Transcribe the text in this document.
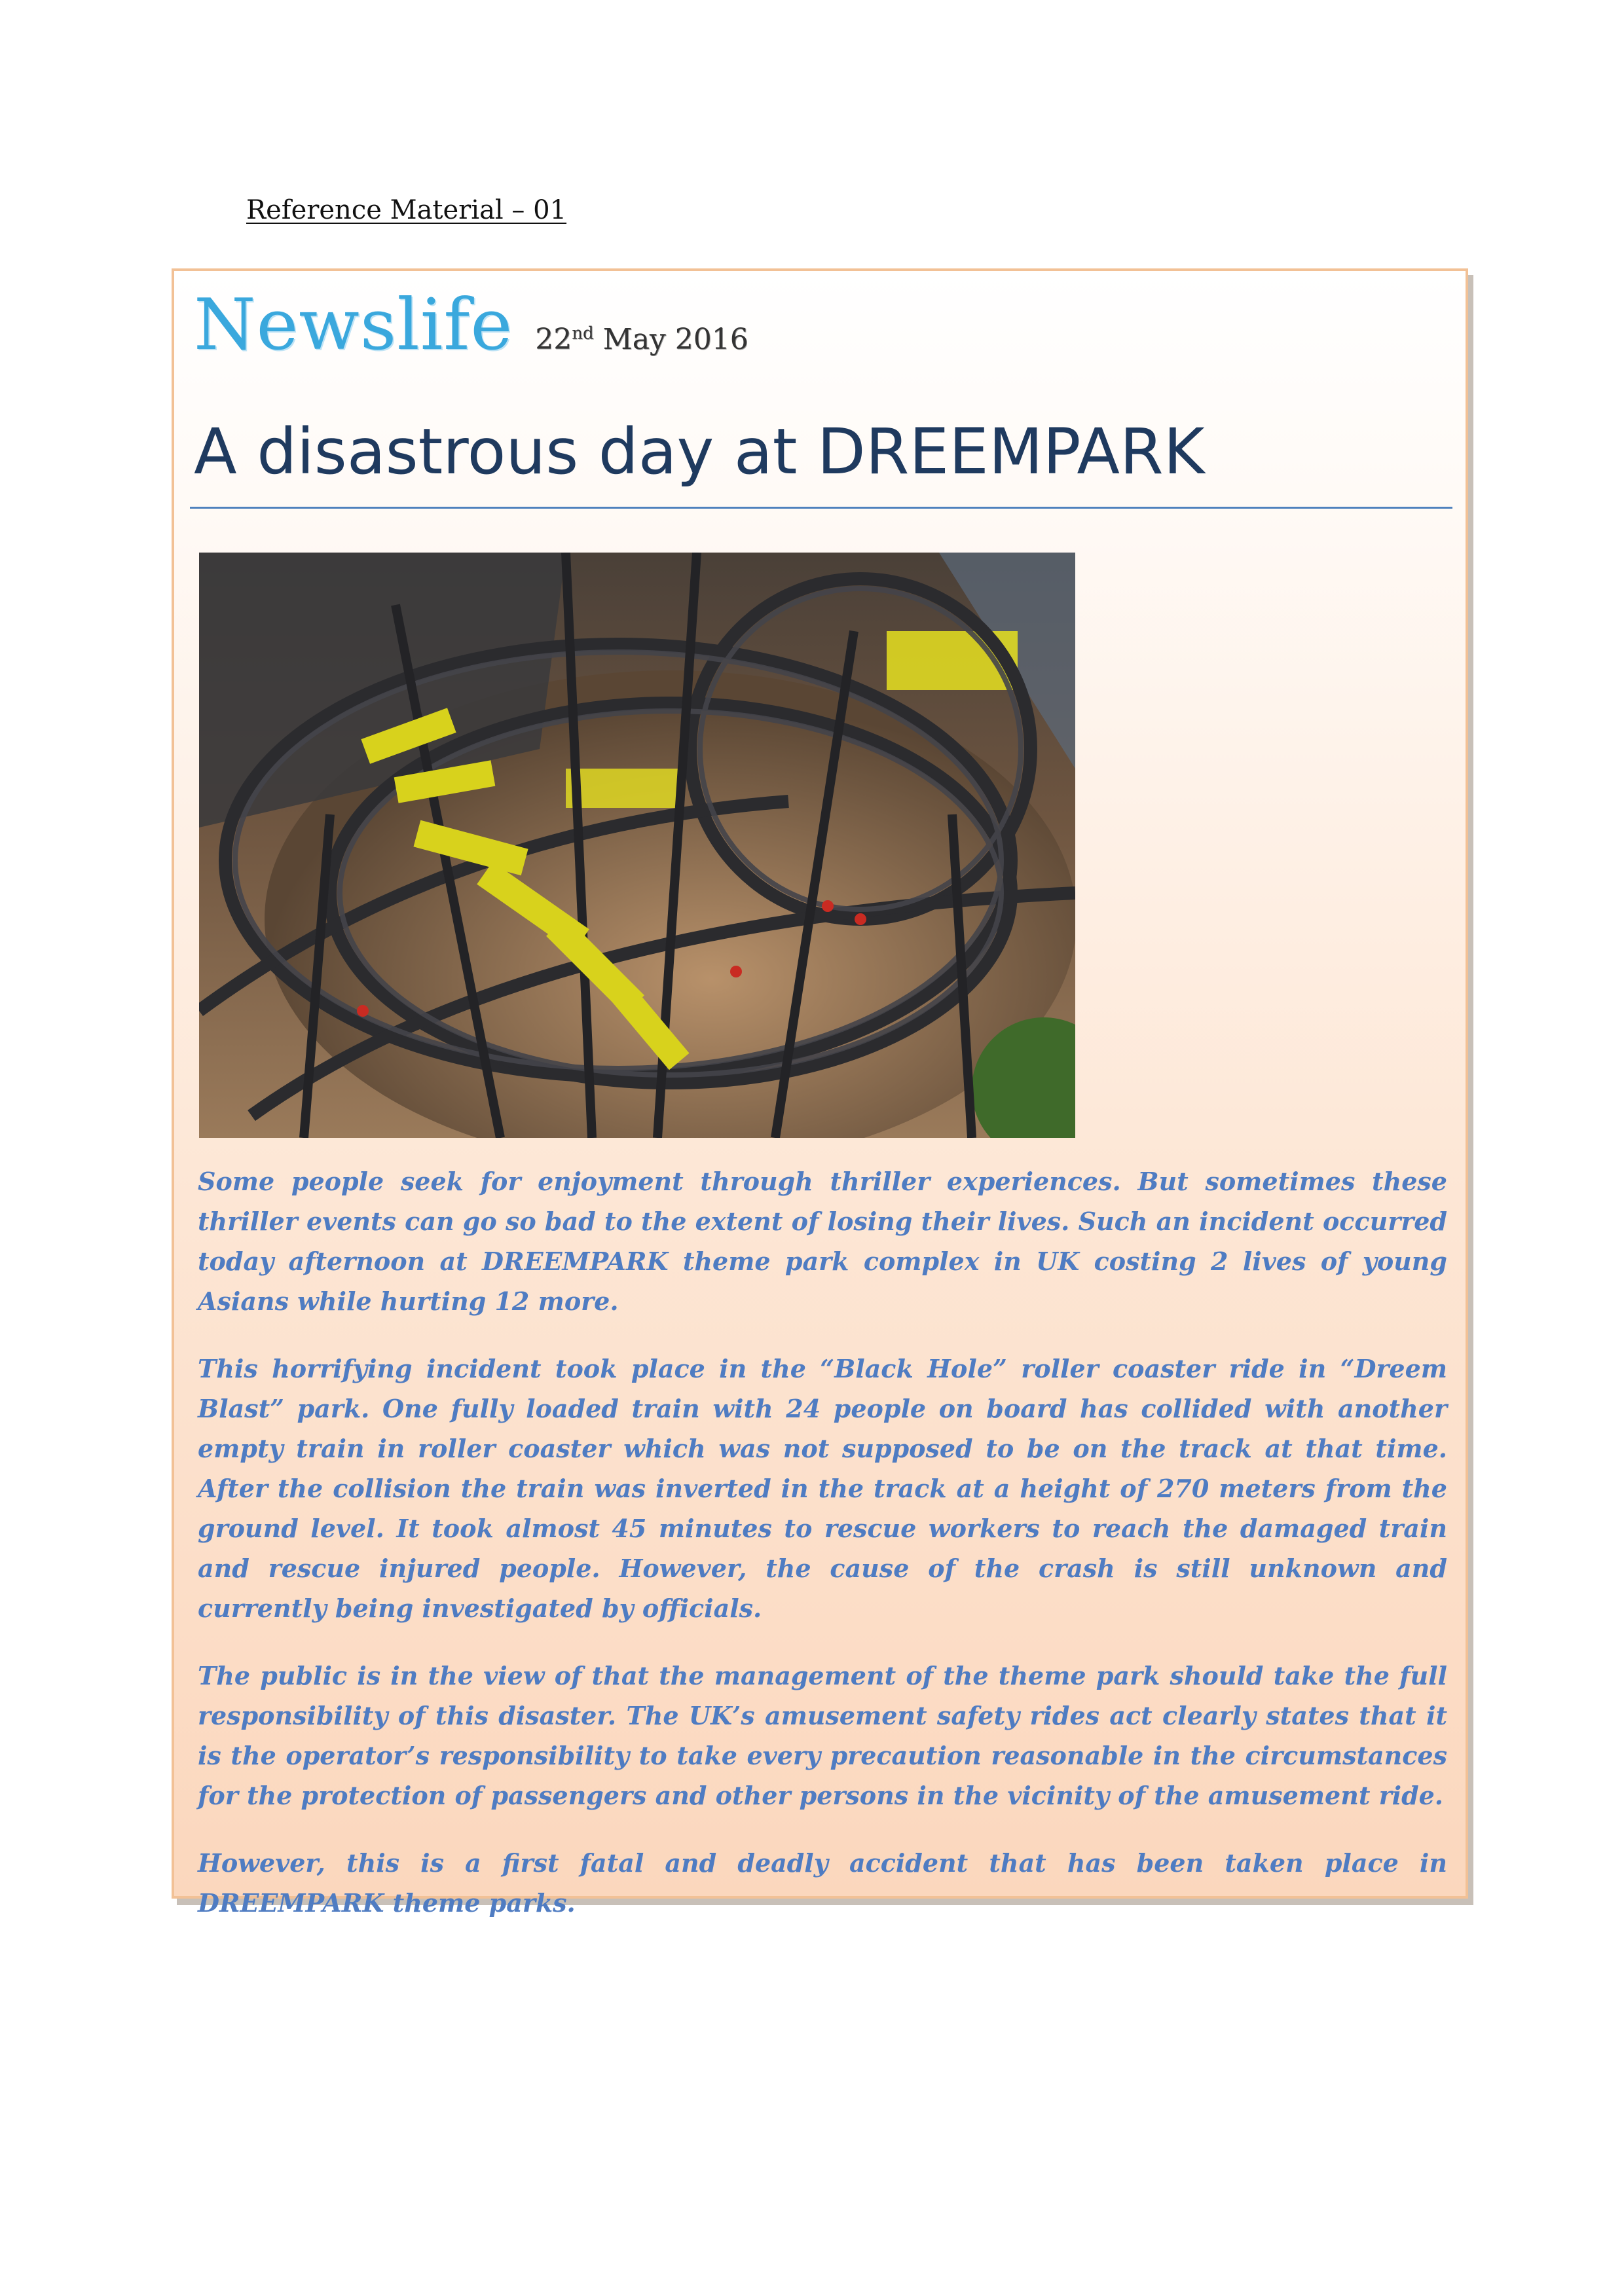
Reference Material – 01
Newslife 22nd May 2016
A disastrous day at DREEMPARK

Some people seek for enjoyment through thriller experiences. But sometimes these thriller events can go so bad to the extent of losing their lives. Such an incident occurred today afternoon at DREEMPARK theme park complex in UK costing 2 lives of young Asians while hurting 12 more.

This horrifying incident took place in the “Black Hole” roller coaster ride in “Dreem Blast” park. One fully loaded train with 24 people on board has collided with another empty train in roller coaster which was not supposed to be on the track at that time. After the collision the train was inverted in the track at a height of 270 meters from the ground level. It took almost 45 minutes to rescue workers to reach the damaged train and rescue injured people. However, the cause of the crash is still unknown and currently being investigated by officials.

The public is in the view of that the management of the theme park should take the full responsibility of this disaster. The UK’s amusement safety rides act clearly states that it is the operator’s responsibility to take every precaution reasonable in the circumstances for the protection of passengers and other persons in the vicinity of the amusement ride.

However, this is a first fatal and deadly accident that has been taken place in DREEMPARK theme parks.
